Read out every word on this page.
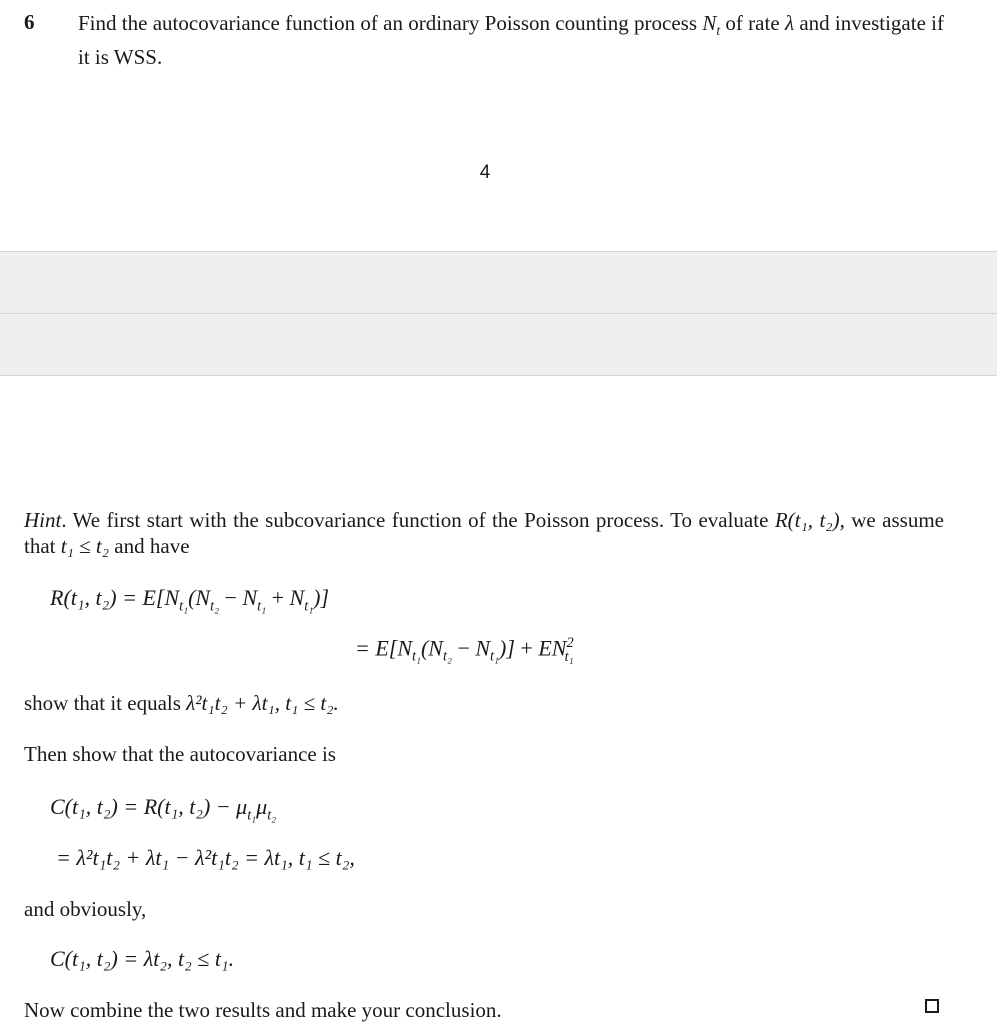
6 Find the autocovariance function of an ordinary Poisson counting process $N_t$ of rate λ and investigate if it is WSS.
4
Hint. We first start with the subcovariance function of the Poisson process. To evaluate R(t₁, t₂), we assume that t₁ ≤ t₂ and have
R(t₁, $t_2) = E[N_{t_1}(N_{t_2} - N_{t_1} + N_{t_1})]$
= $E[N_{t_1}(N_{t_2} - N_{t_1})] + EN^2_{t_1}$
show that it equals λ²t₁t₂ + λt₁, t₁ ≤ t₂.
Then show that the autocovariance is
C(t₁, t₂) = R(t₁, $t_2) - \mu_{t_1}\mu_{t_2}$
= λ²t₁t₂ + λt₁ − λ²t₁t₂ = λt₁, t₁ ≤ t₂,
and obviously,
C(t₁, t₂) = λt₂, t₂ ≤ t₁.
Now combine the two results and make your conclusion.
